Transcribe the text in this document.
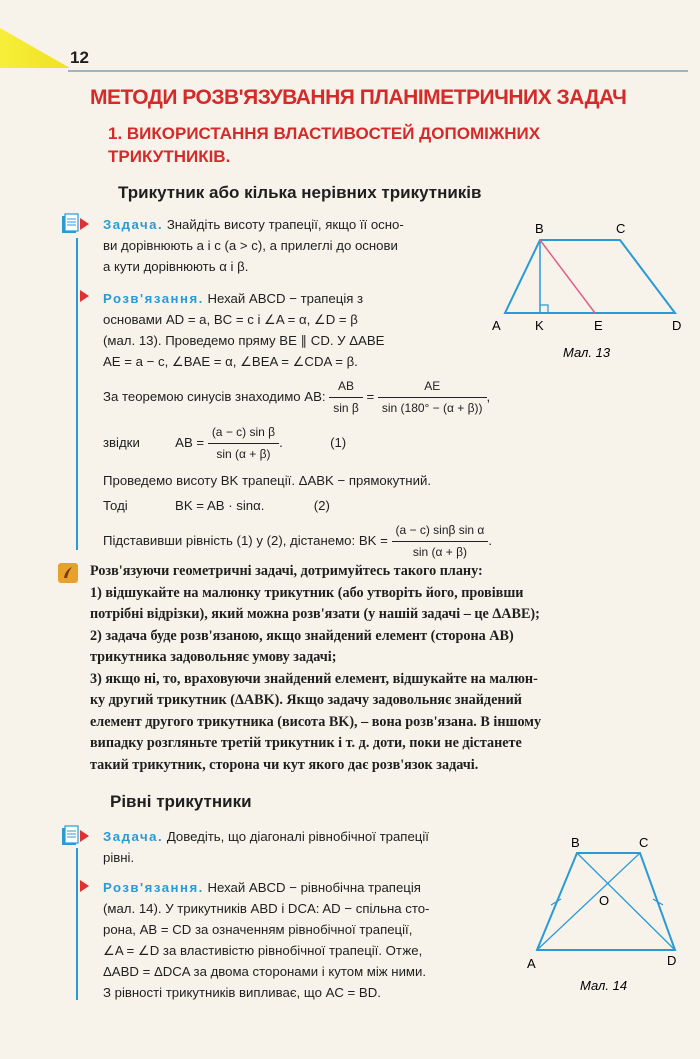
12
МЕТОДИ РОЗВ'ЯЗУВАННЯ ПЛАНІМЕТРИЧНИХ ЗАДАЧ
1. ВИКОРИСТАННЯ ВЛАСТИВОСТЕЙ ДОПОМІЖНИХ ТРИКУТНИКІВ.
Трикутник або кілька нерівних трикутників
Задача. Знайдіть висоту трапеції, якщо її осно-
ви дорівнюють a і c (a > c), а прилеглі до основи
a кути дорівнюють α і β.
Розв'язання. Нехай ABCD − трапеція з
основами AD = a, BC = c і ∠A = α, ∠D = β
(мал. 13). Проведемо пряму BE ∥ CD. У ΔABE
AE = a − c, ∠BAE = α, ∠BEA = ∠CDA = β.
B	C
A	K	E	D
Мал. 13
За теоремою синусів знаходимо AB: $\frac{AB}{\text{sin β}} = \frac{AE}{\sin (180^\circ - (\alpha + \beta))}$ ,
звідки	AB = $\frac{\text{(a − c) sin β}}{\sin (\alpha + \beta)}$ .	(1)
Проведемо висоту BK трапеції. ΔABK − прямокутний.
Тоді	BK = AB · sinα.	(2)
Підставивши рівність (1) у (2), дістанемо: BK = $\frac{\text{(a − c) sinβ sin α}}{\sin (\alpha + \beta)}$ .
Розв'язуючи геометричні задачі, дотримуйтесь такого плану:
1) відшукайте на малюнку трикутник (або утворіть його, провівши
потрібні відрізки), який можна розв'язати (у нашій задачі – це ΔABE);
2) задача буде розв'язаною, якщо знайдений елемент (сторона AB)
трикутника задовольняє умову задачі;
3) якщо ні, то, враховуючи знайдений елемент, відшукайте на малюн-
ку другий трикутник (ΔABK). Якщо задачу задовольняє знайдений
елемент другого трикутника (висота BK), – вона розв'язана. В іншому
випадку розгляньте третій трикутник і т. д. доти, поки не дістанете
такий трикутник, сторона чи кут якого дає розв'язок задачі.
Рівні трикутники
Задача. Доведіть, що діагоналі рівнобічної трапеції
рівні.
Розв'язання. Нехай ABCD − рівнобічна трапеція
(мал. 14). У трикутників ABD і DCA: AD − спільна сто-
рона, AB = CD за означенням рівнобічної трапеції,
∠A = ∠D за властивістю рівнобічної трапеції. Отже,
ΔABD = ΔDCA за двома сторонами і кутом між ними.
З рівності трикутників випливає, що AC = BD.
B	C
O
A	D
Мал. 14
